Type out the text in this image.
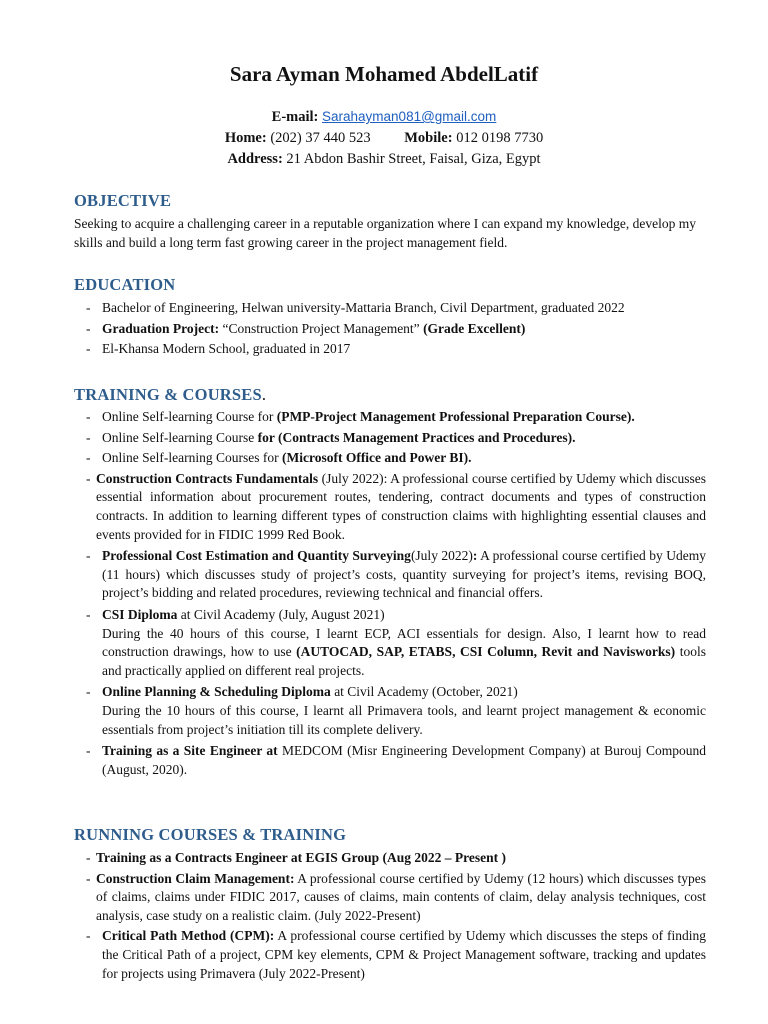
Sara Ayman Mohamed AbdelLatif
E-mail: Sarahayman081@gmail.com
Home: (202) 37 440 523 Mobile: 012 0198 7730
Address: 21 Abdon Bashir Street, Faisal, Giza, Egypt
OBJECTIVE
Seeking to acquire a challenging career in a reputable organization where I can expand my knowledge, develop my skills and build a long term fast growing career in the project management field.
EDUCATION
- Bachelor of Engineering, Helwan university-Mattaria Branch, Civil Department, graduated 2022
- Graduation Project: “Construction Project Management” (Grade Excellent)
- El-Khansa Modern School, graduated in 2017
TRAINING & COURSES.
- Online Self-learning Course for (PMP-Project Management Professional Preparation Course).
- Online Self-learning Course for (Contracts Management Practices and Procedures).
- Online Self-learning Courses for (Microsoft Office and Power BI).
- Construction Contracts Fundamentals (July 2022): A professional course certified by Udemy which discusses essential information about procurement routes, tendering, contract documents and types of construction contracts. In addition to learning different types of construction claims with highlighting essential clauses and events provided for in FIDIC 1999 Red Book.
- Professional Cost Estimation and Quantity Surveying(July 2022): A professional course certified by Udemy (11 hours) which discusses study of project’s costs, quantity surveying for project’s items, revising BOQ, project’s bidding and related procedures, reviewing technical and financial offers.
- CSI Diploma at Civil Academy (July, August 2021)
During the 40 hours of this course, I learnt ECP, ACI essentials for design. Also, I learnt how to read construction drawings, how to use (AUTOCAD, SAP, ETABS, CSI Column, Revit and Navisworks) tools and practically applied on different real projects.
- Online Planning & Scheduling Diploma at Civil Academy (October, 2021)
During the 10 hours of this course, I learnt all Primavera tools, and learnt project management & economic essentials from project’s initiation till its complete delivery.
- Training as a Site Engineer at MEDCOM (Misr Engineering Development Company) at Burouj Compound (August, 2020).
RUNNING COURSES & TRAINING
- Training as a Contracts Engineer at EGIS Group (Aug 2022 – Present )
- Construction Claim Management: A professional course certified by Udemy (12 hours) which discusses types of claims, claims under FIDIC 2017, causes of claims, main contents of claim, delay analysis techniques, cost analysis, case study on a realistic claim. (July 2022-Present)
- Critical Path Method (CPM): A professional course certified by Udemy which discusses the steps of finding the Critical Path of a project, CPM key elements, CPM & Project Management software, tracking and updates for projects using Primavera (July 2022-Present)
